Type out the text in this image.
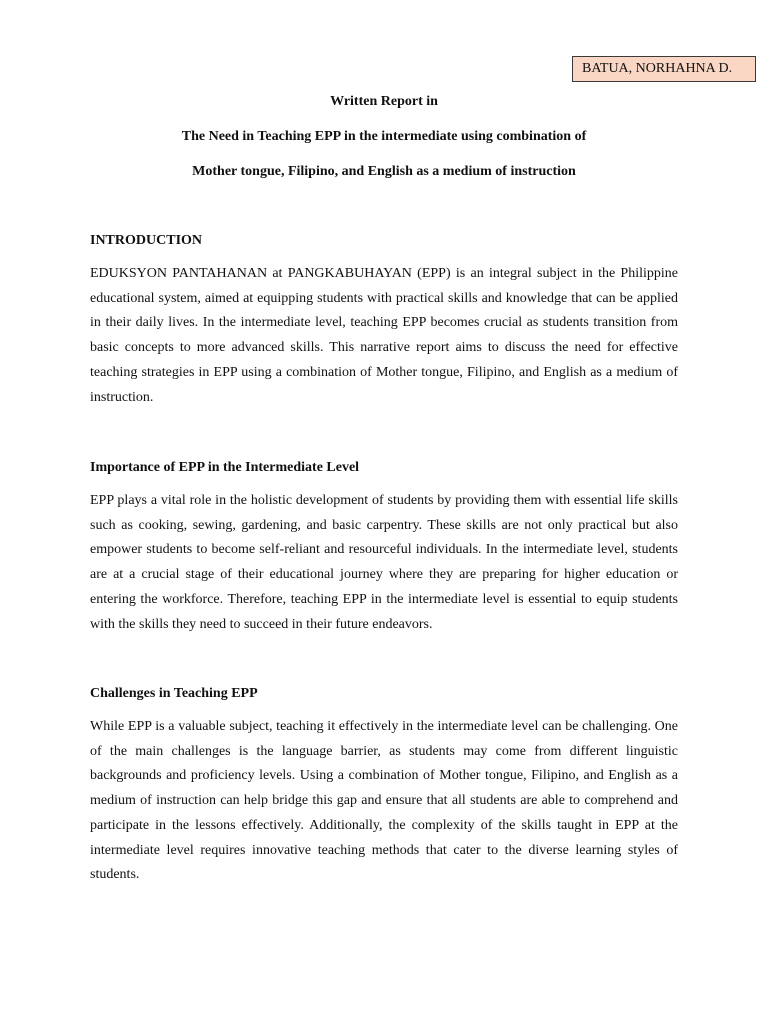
BATUA, NORHAHNA D.
Written Report in
The Need in Teaching EPP in the intermediate using combination of
Mother tongue, Filipino, and English as a medium of instruction
INTRODUCTION
EDUKSYON PANTAHANAN at PANGKABUHAYAN (EPP) is an integral subject in the Philippine
educational system, aimed at equipping students with practical skills and knowledge that can be applied
in their daily lives. In the intermediate level, teaching EPP becomes crucial as students transition from
basic concepts to more advanced skills. This narrative report aims to discuss the need for effective
teaching strategies in EPP using a combination of Mother tongue, Filipino, and English as a medium of
instruction.
Importance of EPP in the Intermediate Level
EPP plays a vital role in the holistic development of students by providing them with essential life skills
such as cooking, sewing, gardening, and basic carpentry. These skills are not only practical but also
empower students to become self-reliant and resourceful individuals. In the intermediate level, students
are at a crucial stage of their educational journey where they are preparing for higher education or
entering the workforce. Therefore, teaching EPP in the intermediate level is essential to equip students
with the skills they need to succeed in their future endeavors.
Challenges in Teaching EPP
While EPP is a valuable subject, teaching it effectively in the intermediate level can be challenging. One
of the main challenges is the language barrier, as students may come from different linguistic
backgrounds and proficiency levels. Using a combination of Mother tongue, Filipino, and English as a
medium of instruction can help bridge this gap and ensure that all students are able to comprehend and
participate in the lessons effectively. Additionally, the complexity of the skills taught in EPP at the
intermediate level requires innovative teaching methods that cater to the diverse learning styles of
students.
